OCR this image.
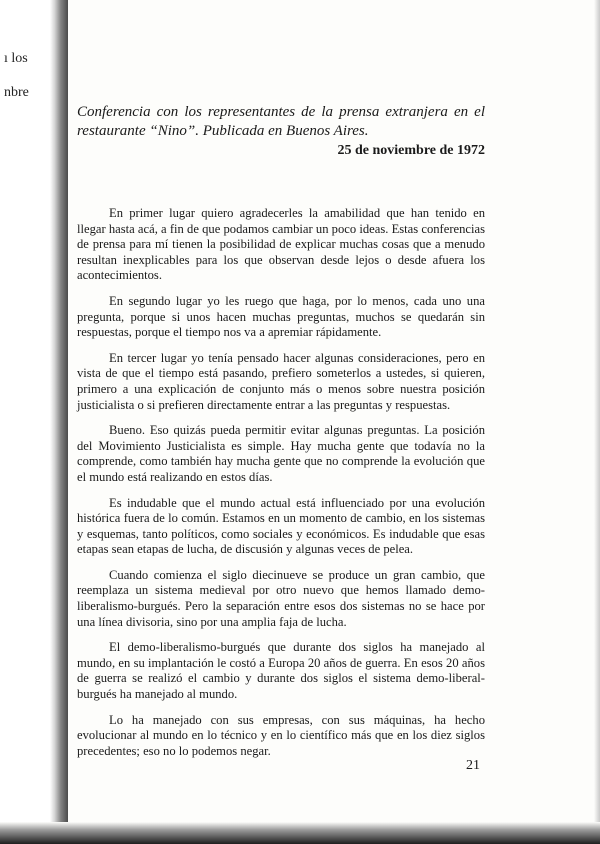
ı los
nbre

Conferencia con los representantes de la prensa extranjera en el restaurante “Nino”. Publicada en Buenos Aires.

25 de noviembre de 1972

En primer lugar quiero agradecerles la amabilidad que han tenido en llegar hasta acá, a fin de que podamos cambiar un poco ideas. Estas conferencias de prensa para mí tienen la posibilidad de explicar muchas cosas que a menudo resultan inexplicables para los que observan desde lejos o desde afuera los acontecimientos.

En segundo lugar yo les ruego que haga, por lo menos, cada uno una pregunta, porque si unos hacen muchas preguntas, muchos se quedarán sin respuestas, porque el tiempo nos va a apremiar rápidamente.

En tercer lugar yo tenía pensado hacer algunas consideraciones, pero en vista de que el tiempo está pasando, prefiero someterlos a ustedes, si quieren, primero a una explicación de conjunto más o menos sobre nuestra posición justicialista o si prefieren directamente entrar a las preguntas y respuestas.

Bueno. Eso quizás pueda permitir evitar algunas preguntas. La posición del Movimiento Justicialista es simple. Hay mucha gente que todavía no la comprende, como también hay mucha gente que no comprende la evolución que el mundo está realizando en estos días.

Es indudable que el mundo actual está influenciado por una evolución histórica fuera de lo común. Estamos en un momento de cambio, en los sistemas y esquemas, tanto políticos, como sociales y económicos. Es indudable que esas etapas sean etapas de lucha, de discusión y algunas veces de pelea.

Cuando comienza el siglo diecinueve se produce un gran cambio, que reemplaza un sistema medieval por otro nuevo que hemos llamado demo-liberalismo-burgués. Pero la separación entre esos dos sistemas no se hace por una línea divisoria, sino por una amplia faja de lucha.

El demo-liberalismo-burgués que durante dos siglos ha manejado al mundo, en su implantación le costó a Europa 20 años de guerra. En esos 20 años de guerra se realizó el cambio y durante dos siglos el sistema demo-liberal-burgués ha manejado al mundo.

Lo ha manejado con sus empresas, con sus máquinas, ha hecho evolucionar al mundo en lo técnico y en lo científico más que en los diez siglos precedentes; eso no lo podemos negar.

21
